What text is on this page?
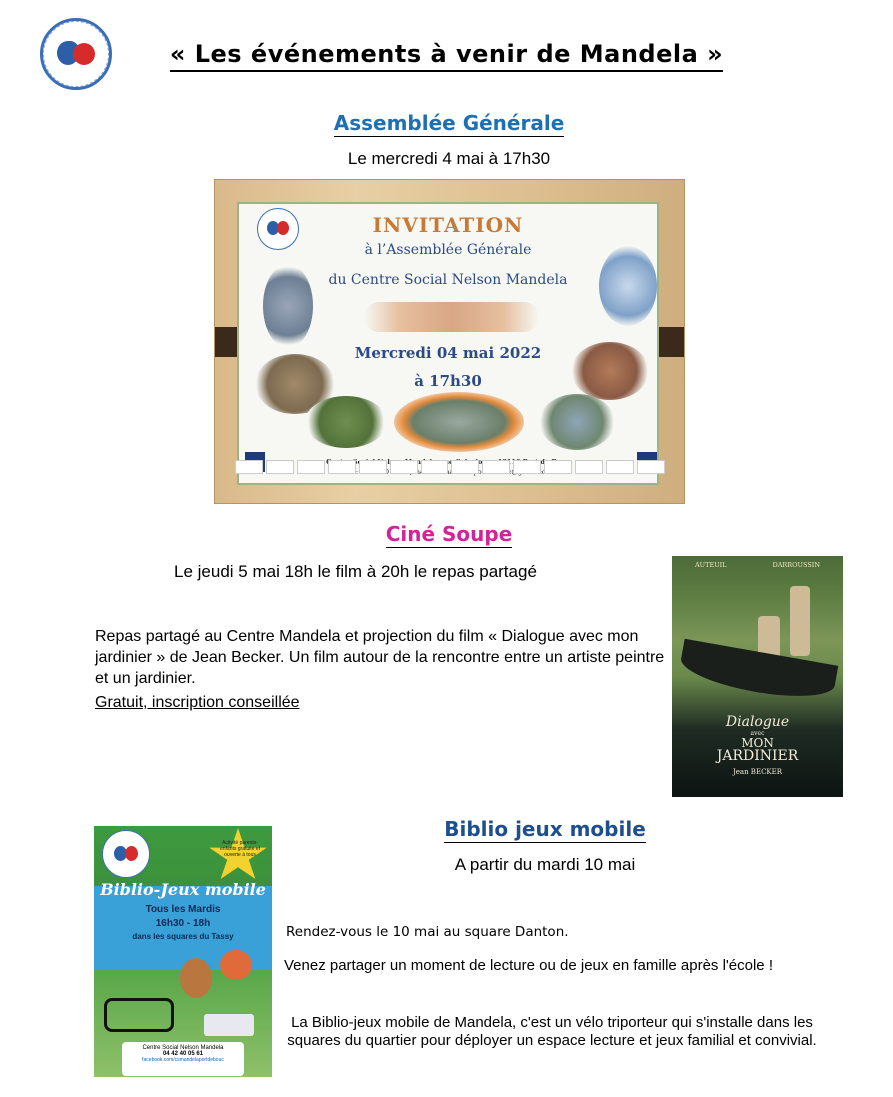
« Les événements à venir de Mandela »
Assemblée Générale
Le mercredi 4 mai à 17h30
INVITATION
à l’Assemblée Générale
du Centre Social Nelson Mandela
Mercredi 04 mai 2022
à 17h30
:
Ciné Soupe
Le jeudi 5 mai 18h le film à 20h le repas partagé
Repas partagé au Centre Mandela et projection du film « Dialogue avec mon jardinier » de Jean Becker. Un film autour de la rencontre entre un artiste peintre et un jardinier.
Gratuit, inscription conseillée
AUTEUIL	DARROUSSIN
Dialogue
avec
MON
JARDINIER
Jean BECKER
Biblio jeux mobile
A partir du mardi 10 mai
Rendez-vous le 10 mai au square Danton.
Venez partager un moment de lecture ou de jeux en famille après l'école !
La Biblio-jeux mobile de Mandela, c'est un vélo triporteur qui s'installe dans les squares du quartier pour déployer un espace lecture et jeux familial et convivial.
Activité parents-enfants gratuite et ouverte à tous
Biblio-Jeux mobile
Tous les Mardis
16h30 - 18h
dans les squares du Tassy
Centre Social Nelson Mandela
04 42 40 05 61
facebook.com/csmandelaportdebouc
